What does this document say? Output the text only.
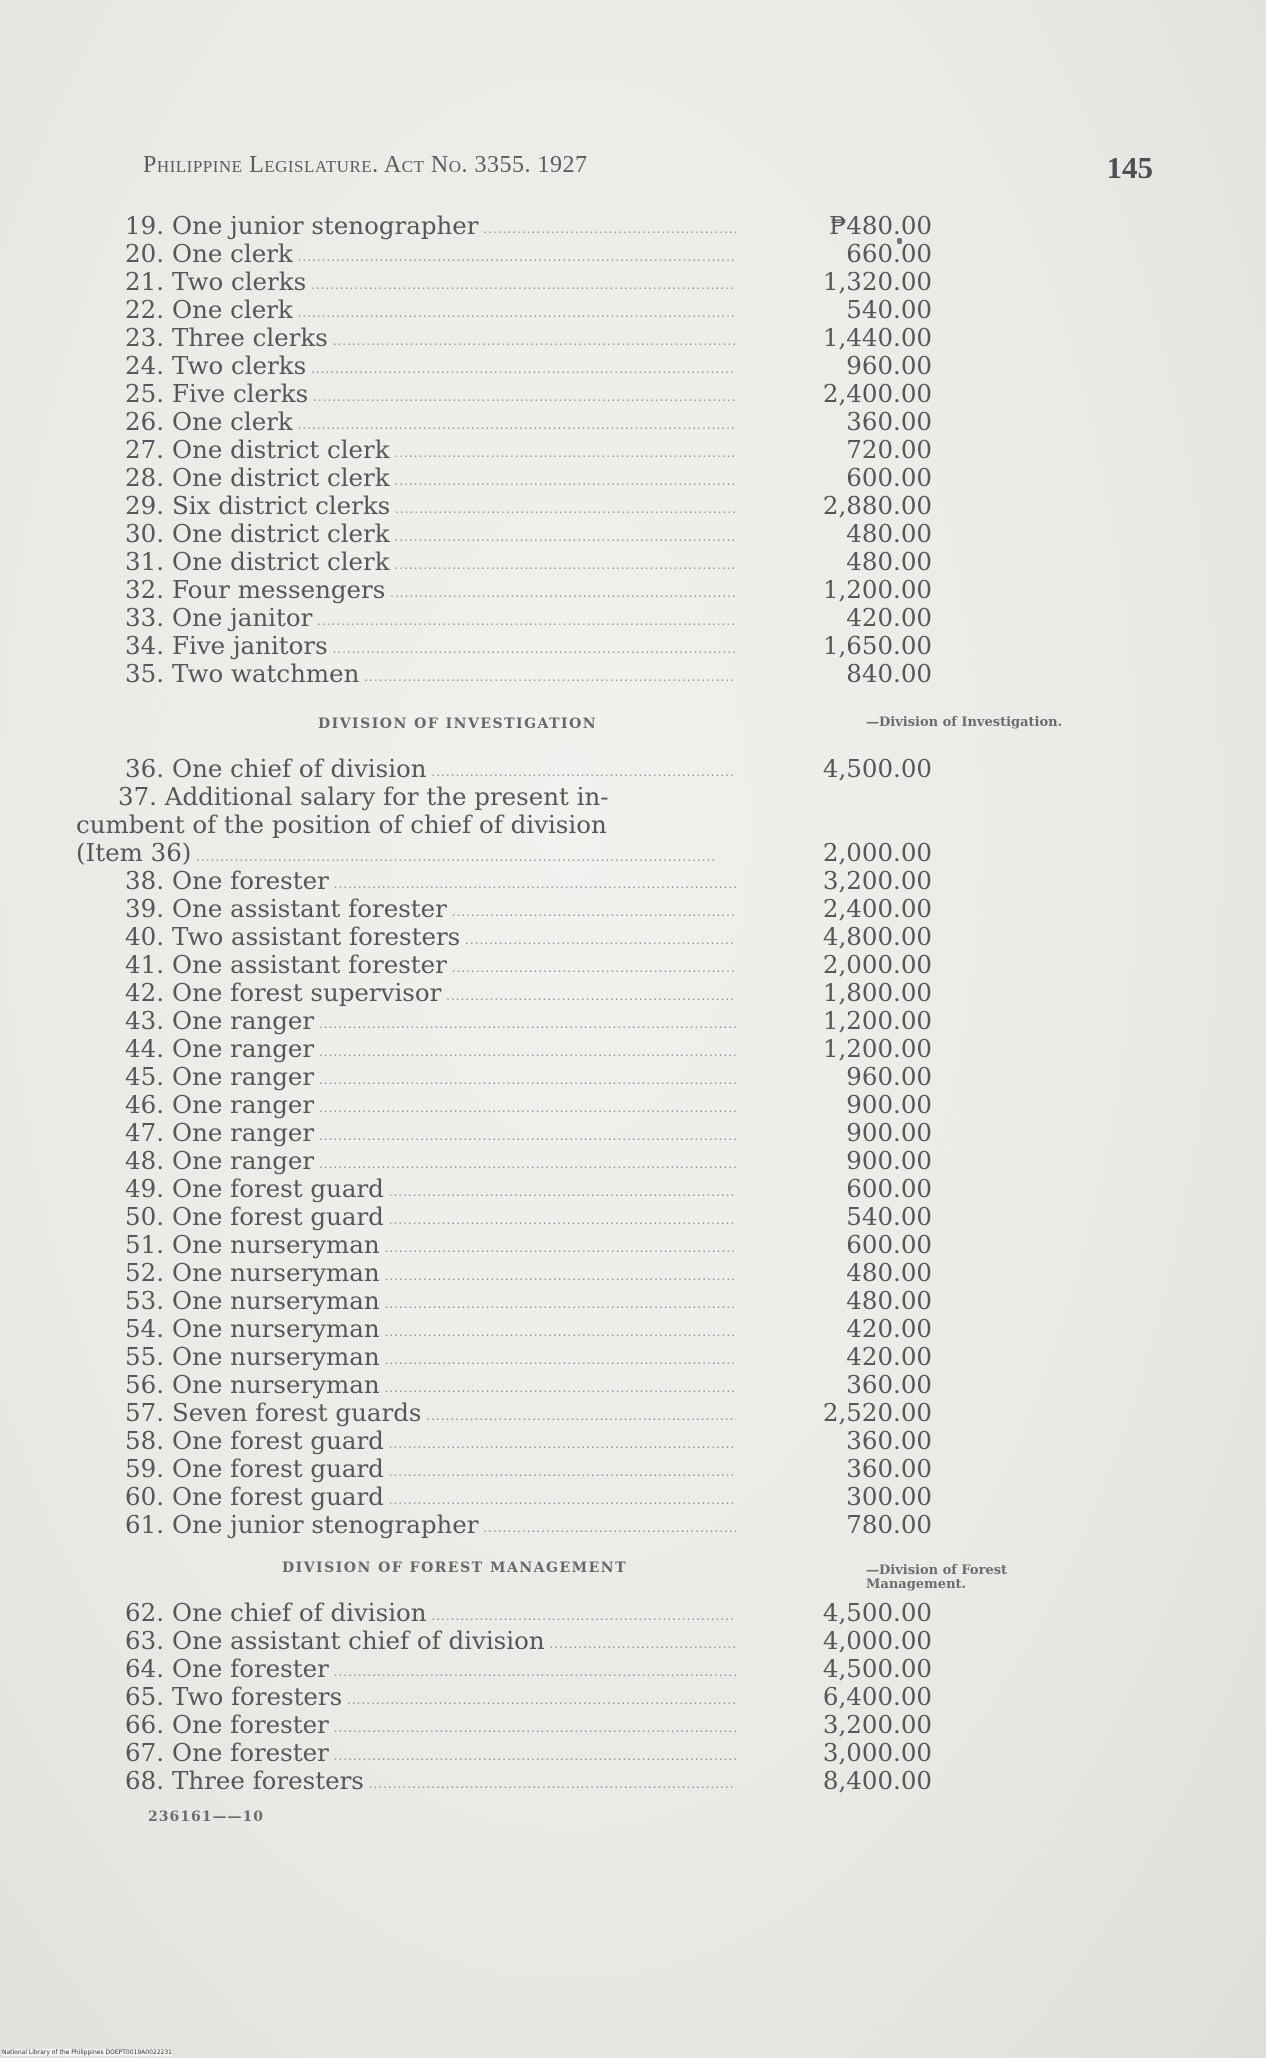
Philippine Legislature. Act No. 3355. 1927	145
19. One junior stenographer .....	₱480.00
20. One clerk .....	660.00
21. Two clerks .....	1,320.00
22. One clerk .....	540.00
23. Three clerks .....	1,440.00
24. Two clerks .....	960.00
25. Five clerks .....	2,400.00
26. One clerk .....	360.00
27. One district clerk .....	720.00
28. One district clerk .....	600.00
29. Six district clerks .....	2,880.00
30. One district clerk .....	480.00
31. One district clerk .....	480.00
32. Four messengers .....	1,200.00
33. One janitor .....	420.00
34. Five janitors .....	1,650.00
35. Two watchmen .....	840.00
DIVISION OF INVESTIGATION	—Division of Investigation.
36. One chief of division .....	4,500.00
37. Additional salary for the present in-
cumbent of the position of chief of division
(Item 36) .....	2,000.00
38. One forester .....	3,200.00
39. One assistant forester .....	2,400.00
40. Two assistant foresters .....	4,800.00
41. One assistant forester .....	2,000.00
42. One forest supervisor .....	1,800.00
43. One ranger .....	1,200.00
44. One ranger .....	1,200.00
45. One ranger .....	960.00
46. One ranger .....	900.00
47. One ranger .....	900.00
48. One ranger .....	900.00
49. One forest guard .....	600.00
50. One forest guard .....	540.00
51. One nurseryman .....	600.00
52. One nurseryman .....	480.00
53. One nurseryman .....	480.00
54. One nurseryman .....	420.00
55. One nurseryman .....	420.00
56. One nurseryman .....	360.00
57. Seven forest guards .....	2,520.00
58. One forest guard .....	360.00
59. One forest guard .....	360.00
60. One forest guard .....	300.00
61. One junior stenographer .....	780.00
DIVISION OF FOREST MANAGEMENT	—Division of Forest Management.
62. One chief of division .....	4,500.00
63. One assistant chief of division .....	4,000.00
64. One forester .....	4,500.00
65. Two foresters .....	6,400.00
66. One forester .....	3,200.00
67. One forester .....	3,000.00
68. Three foresters .....	8,400.00
236161——10
National Library of the Philippines DOEPT0019A0022231
